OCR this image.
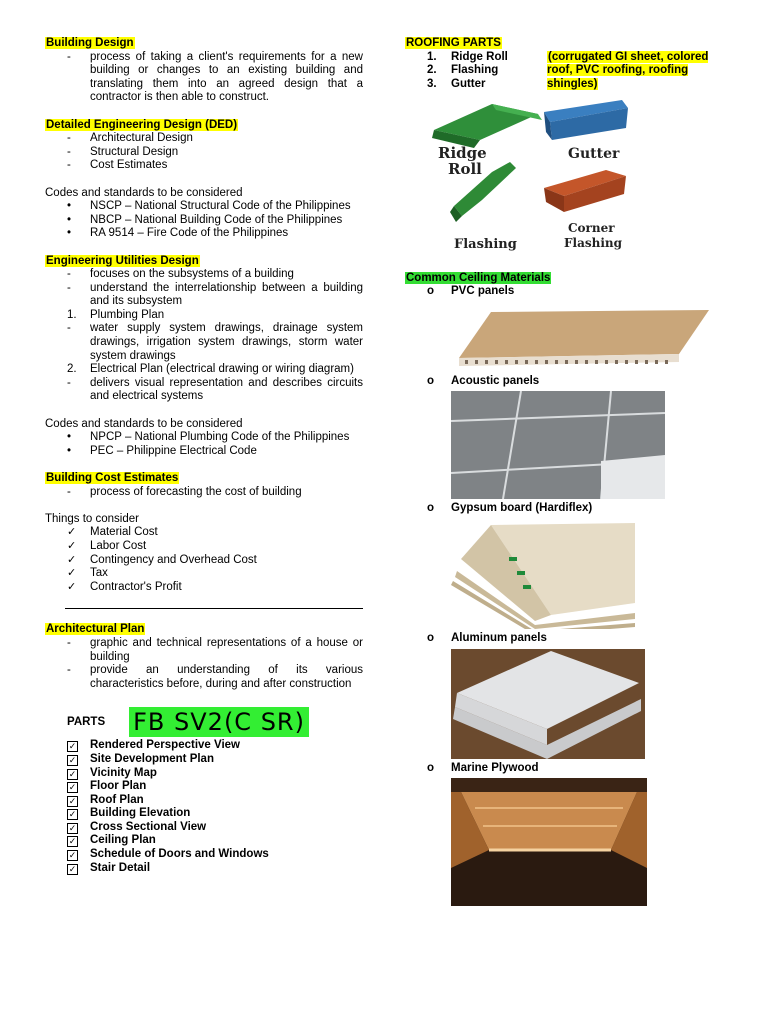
Building Design
-	process of taking a client's requirements for a new building or changes to an existing building and translating them into an agreed design that a contractor is then able to construct.
Detailed Engineering Design (DED)
-	Architectural Design
-	Structural Design
-	Cost Estimates
Codes and standards to be considered
•	NSCP – National Structural Code of the Philippines
•	NBCP – National Building Code of the Philippines
•	RA 9514 – Fire Code of the Philippines
Engineering Utilities Design
-	focuses on the subsystems of a building
-	understand the interrelationship between a building and its subsystem
1.	Plumbing Plan
-	water supply system drawings, drainage system drawings, irrigation system drawings, storm water system drawings
2.	Electrical Plan (electrical drawing or wiring diagram)
-	delivers visual representation and describes circuits and electrical systems
Codes and standards to be considered
•	NPCP – National Plumbing Code of the Philippines
•	PEC – Philippine Electrical Code
Building Cost Estimates
-	process of forecasting the cost of building
Things to consider
✓	Material Cost
✓	Labor Cost
✓	Contingency and Overhead Cost
✓	Tax
✓	Contractor's Profit
Architectural Plan
-	graphic and technical representations of a house or building
-	provide an understanding of its various characteristics before, during and after construction
PARTS FB SV2(C SR)
✓	Rendered Perspective View
✓	Site Development Plan
✓	Vicinity Map
✓	Floor Plan
✓	Roof Plan
✓	Building Elevation
✓	Cross Sectional View
✓	Ceiling Plan
✓	Schedule of Doors and Windows
✓	Stair Detail
ROOFING PARTS
1.	Ridge Roll
2.	Flashing
3.	Gutter
(corrugated GI sheet, colored roof, PVC roofing, roofing shingles)
Ridge
Roll
Gutter
Flashing
Corner
Flashing
Common Ceiling Materials
o PVC panels
o Acoustic panels
o Gypsum board (Hardiflex)
o Aluminum panels
o Marine Plywood
